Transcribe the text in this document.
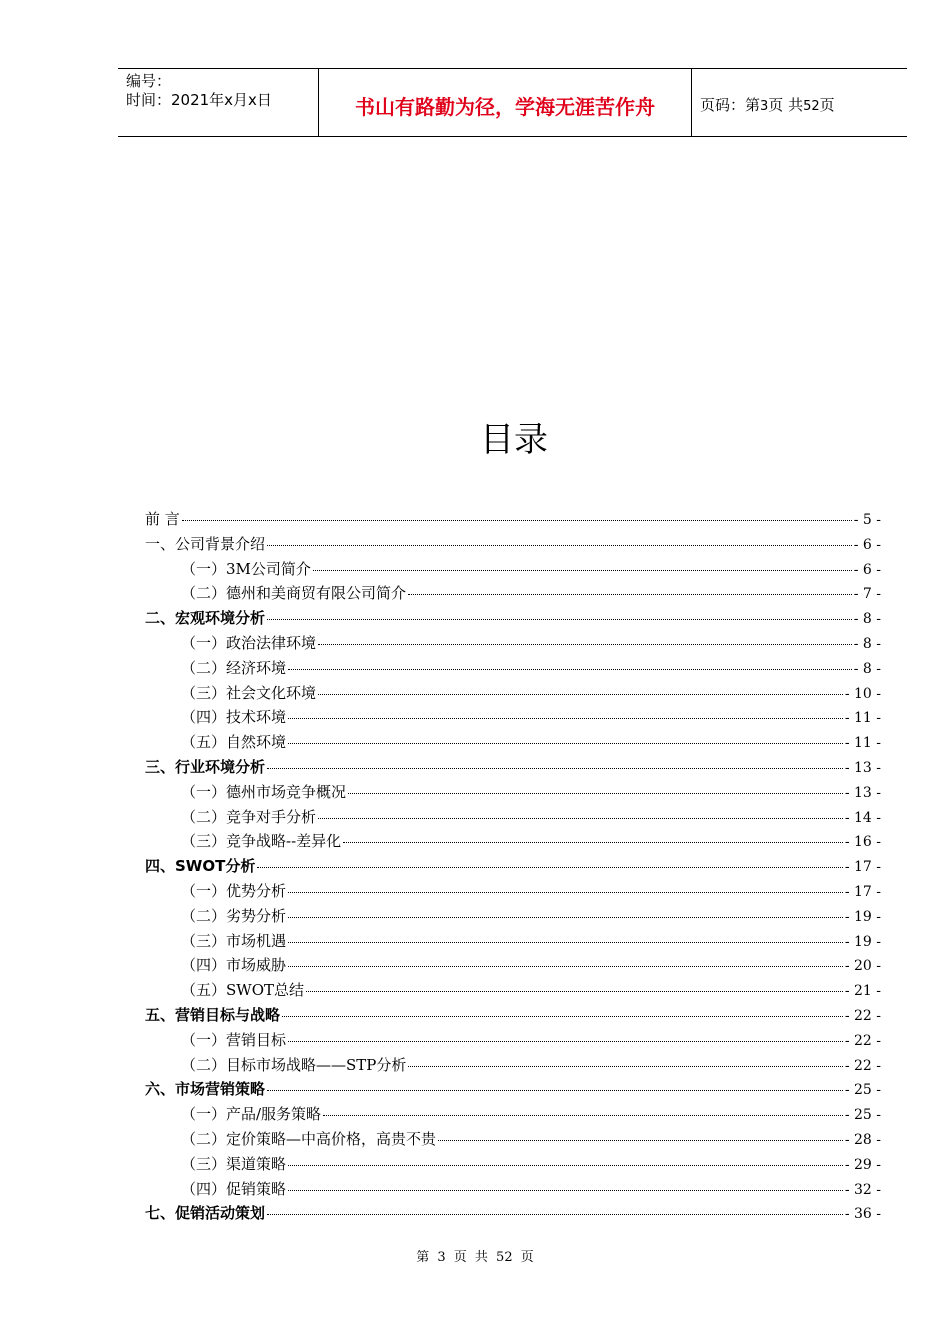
编号：
时间：2021年x月x日	书山有路勤为径，学海无涯苦作舟	页码：第3页 共52页
目录
前 言	- 5 -
一、公司背景介绍	- 6 -
（一）3M公司简介	- 6 -
（二）德州和美商贸有限公司简介	- 7 -
二、宏观环境分析	- 8 -
（一）政治法律环境	- 8 -
（二）经济环境	- 8 -
（三）社会文化环境	- 10 -
（四）技术环境	- 11 -
（五）自然环境	- 11 -
三、行业环境分析	- 13 -
（一）德州市场竞争概况	- 13 -
（二）竞争对手分析	- 14 -
（三）竞争战略--差异化	- 16 -
四、SWOT分析	- 17 -
（一）优势分析	- 17 -
（二）劣势分析	- 19 -
（三）市场机遇	- 19 -
（四）市场威胁	- 20 -
（五）SWOT总结	- 21 -
五、营销目标与战略	- 22 -
（一）营销目标	- 22 -
（二）目标市场战略——STP分析	- 22 -
六、市场营销策略	- 25 -
（一）产品/服务策略	- 25 -
（二）定价策略—中高价格，高贵不贵	- 28 -
（三）渠道策略	- 29 -
（四）促销策略	- 32 -
七、促销活动策划	- 36 -
第 3 页 共 52 页
